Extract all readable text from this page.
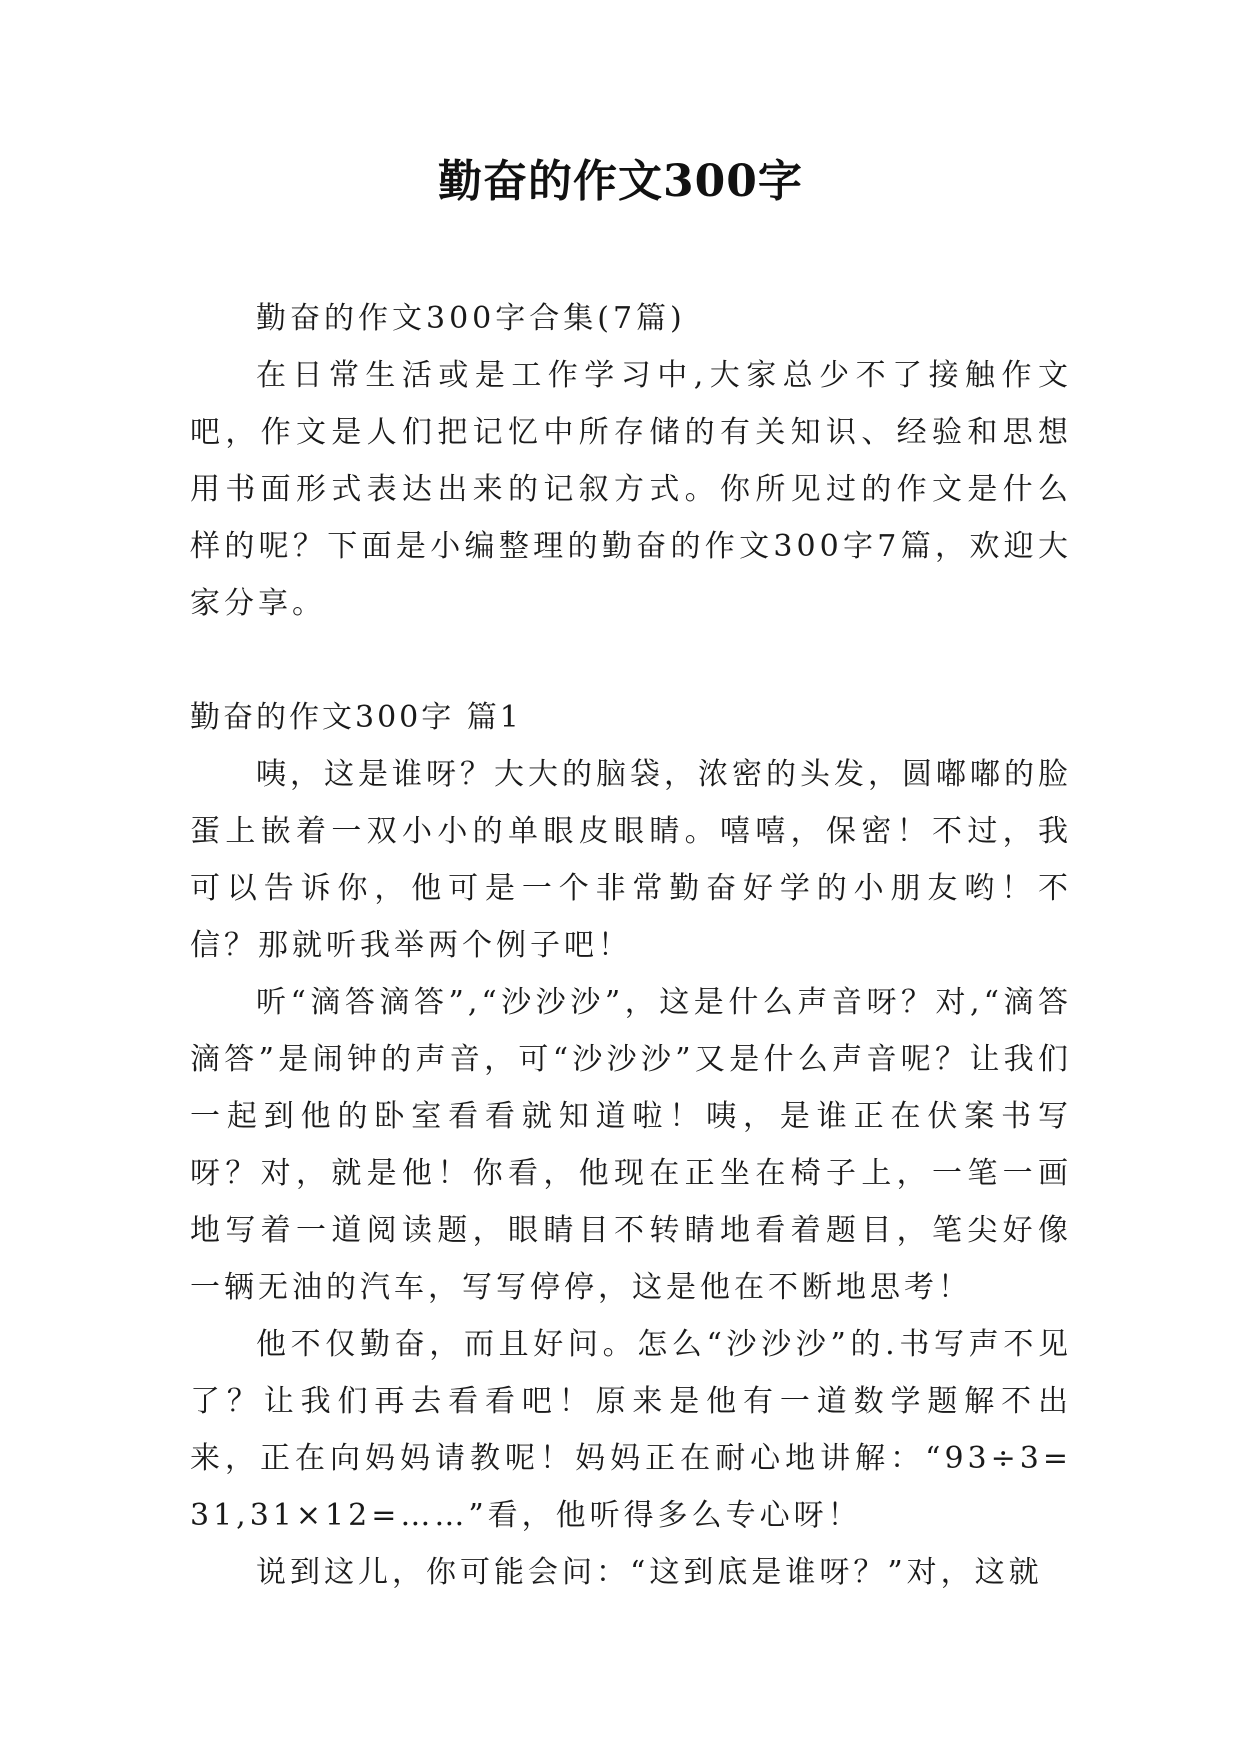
勤奋的作文300字

勤奋的作文300字合集(7篇)

在日常生活或是工作学习中,大家总少不了接触作文吧，作文是人们把记忆中所存储的有关知识、经验和思想用书面形式表达出来的记叙方式。你所见过的作文是什么样的呢？下面是小编整理的勤奋的作文300字7篇，欢迎大家分享。

勤奋的作文300字 篇1

咦，这是谁呀？大大的脑袋，浓密的头发，圆嘟嘟的脸蛋上嵌着一双小小的单眼皮眼睛。嘻嘻，保密！不过，我可以告诉你，他可是一个非常勤奋好学的小朋友哟！不信？那就听我举两个例子吧！

听“滴答滴答”,“沙沙沙”，这是什么声音呀？对,“滴答滴答”是闹钟的声音，可“沙沙沙”又是什么声音呢？让我们一起到他的卧室看看就知道啦！咦，是谁正在伏案书写呀？对，就是他！你看，他现在正坐在椅子上，一笔一画地写着一道阅读题，眼睛目不转睛地看着题目，笔尖好像一辆无油的汽车，写写停停，这是他在不断地思考！

他不仅勤奋，而且好问。怎么“沙沙沙”的.书写声不见了？让我们再去看看吧！原来是他有一道数学题解不出来，正在向妈妈请教呢！妈妈正在耐心地讲解：“93÷3=31,31×12=……”看，他听得多么专心呀！

说到这儿，你可能会问：“这到底是谁呀？”对，这就
